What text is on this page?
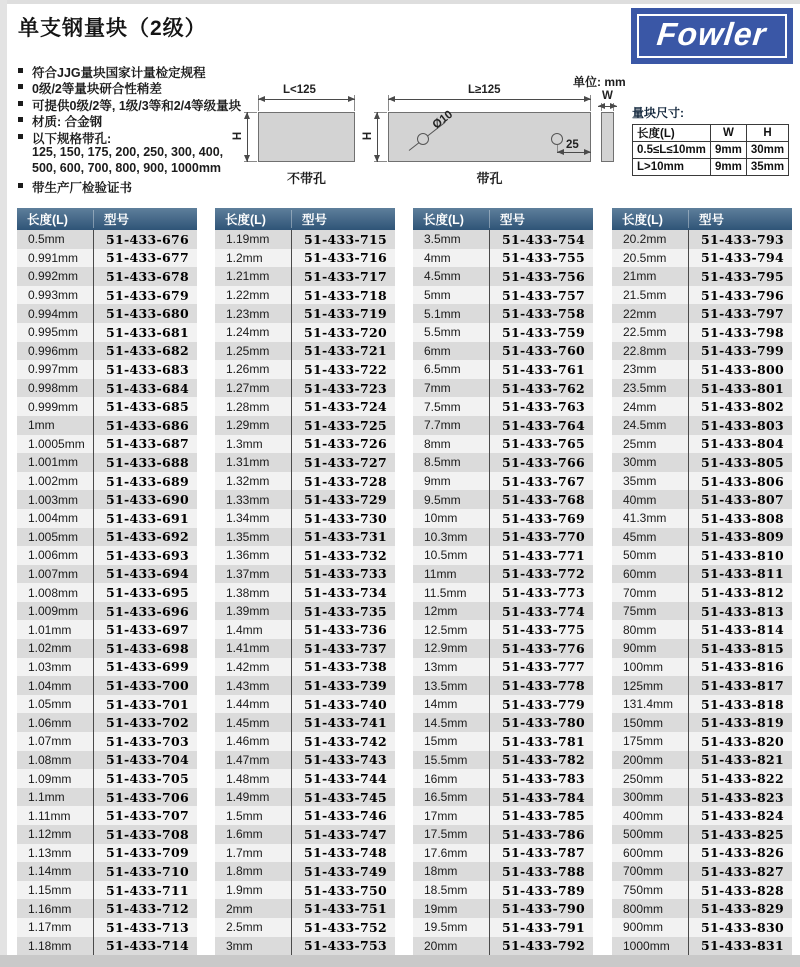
单支钢量块（2级）	Fowler
符合JJG量块国家计量检定规程
0级/2等量块研合性稍差
可提供0级/2等, 1级/3等和2/4等级量块
材质: 合金钢
以下规格带孔:
125, 150, 175, 200, 250, 300, 400,
500, 600, 700, 800, 900, 1000mm
带生产厂检验证书
L<125
H
不带孔
L≥125
H
Ø10
25
带孔
W
单位: mm
量块尺寸:
长度(L)	W	H
0.5≤L≤10mm	9mm	30mm
L>10mm	9mm	35mm
长度(L)	型号
0.5mm	51-433-676
0.991mm	51-433-677
0.992mm	51-433-678
0.993mm	51-433-679
0.994mm	51-433-680
0.995mm	51-433-681
0.996mm	51-433-682
0.997mm	51-433-683
0.998mm	51-433-684
0.999mm	51-433-685
1mm	51-433-686
1.0005mm	51-433-687
1.001mm	51-433-688
1.002mm	51-433-689
1.003mm	51-433-690
1.004mm	51-433-691
1.005mm	51-433-692
1.006mm	51-433-693
1.007mm	51-433-694
1.008mm	51-433-695
1.009mm	51-433-696
1.01mm	51-433-697
1.02mm	51-433-698
1.03mm	51-433-699
1.04mm	51-433-700
1.05mm	51-433-701
1.06mm	51-433-702
1.07mm	51-433-703
1.08mm	51-433-704
1.09mm	51-433-705
1.1mm	51-433-706
1.11mm	51-433-707
1.12mm	51-433-708
1.13mm	51-433-709
1.14mm	51-433-710
1.15mm	51-433-711
1.16mm	51-433-712
1.17mm	51-433-713
1.18mm	51-433-714
长度(L)	型号
1.19mm	51-433-715
1.2mm	51-433-716
1.21mm	51-433-717
1.22mm	51-433-718
1.23mm	51-433-719
1.24mm	51-433-720
1.25mm	51-433-721
1.26mm	51-433-722
1.27mm	51-433-723
1.28mm	51-433-724
1.29mm	51-433-725
1.3mm	51-433-726
1.31mm	51-433-727
1.32mm	51-433-728
1.33mm	51-433-729
1.34mm	51-433-730
1.35mm	51-433-731
1.36mm	51-433-732
1.37mm	51-433-733
1.38mm	51-433-734
1.39mm	51-433-735
1.4mm	51-433-736
1.41mm	51-433-737
1.42mm	51-433-738
1.43mm	51-433-739
1.44mm	51-433-740
1.45mm	51-433-741
1.46mm	51-433-742
1.47mm	51-433-743
1.48mm	51-433-744
1.49mm	51-433-745
1.5mm	51-433-746
1.6mm	51-433-747
1.7mm	51-433-748
1.8mm	51-433-749
1.9mm	51-433-750
2mm	51-433-751
2.5mm	51-433-752
3mm	51-433-753
长度(L)	型号
3.5mm	51-433-754
4mm	51-433-755
4.5mm	51-433-756
5mm	51-433-757
5.1mm	51-433-758
5.5mm	51-433-759
6mm	51-433-760
6.5mm	51-433-761
7mm	51-433-762
7.5mm	51-433-763
7.7mm	51-433-764
8mm	51-433-765
8.5mm	51-433-766
9mm	51-433-767
9.5mm	51-433-768
10mm	51-433-769
10.3mm	51-433-770
10.5mm	51-433-771
11mm	51-433-772
11.5mm	51-433-773
12mm	51-433-774
12.5mm	51-433-775
12.9mm	51-433-776
13mm	51-433-777
13.5mm	51-433-778
14mm	51-433-779
14.5mm	51-433-780
15mm	51-433-781
15.5mm	51-433-782
16mm	51-433-783
16.5mm	51-433-784
17mm	51-433-785
17.5mm	51-433-786
17.6mm	51-433-787
18mm	51-433-788
18.5mm	51-433-789
19mm	51-433-790
19.5mm	51-433-791
20mm	51-433-792
长度(L)	型号
20.2mm	51-433-793
20.5mm	51-433-794
21mm	51-433-795
21.5mm	51-433-796
22mm	51-433-797
22.5mm	51-433-798
22.8mm	51-433-799
23mm	51-433-800
23.5mm	51-433-801
24mm	51-433-802
24.5mm	51-433-803
25mm	51-433-804
30mm	51-433-805
35mm	51-433-806
40mm	51-433-807
41.3mm	51-433-808
45mm	51-433-809
50mm	51-433-810
60mm	51-433-811
70mm	51-433-812
75mm	51-433-813
80mm	51-433-814
90mm	51-433-815
100mm	51-433-816
125mm	51-433-817
131.4mm	51-433-818
150mm	51-433-819
175mm	51-433-820
200mm	51-433-821
250mm	51-433-822
300mm	51-433-823
400mm	51-433-824
500mm	51-433-825
600mm	51-433-826
700mm	51-433-827
750mm	51-433-828
800mm	51-433-829
900mm	51-433-830
1000mm	51-433-831
